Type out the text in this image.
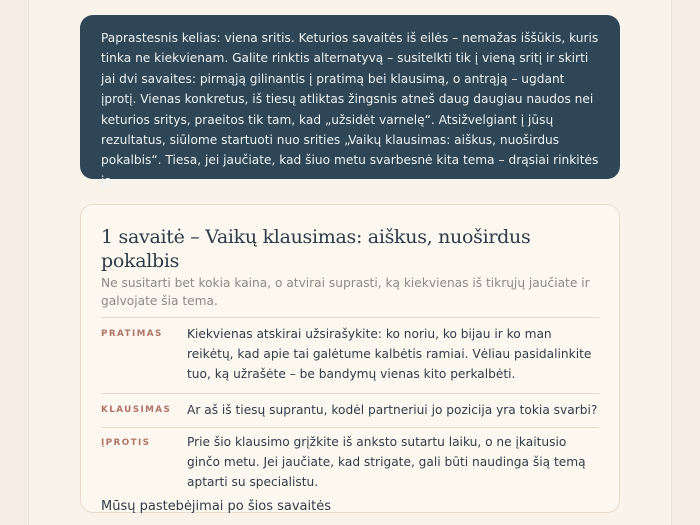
Paprastesnis kelias: viena sritis. Keturios savaitės iš eilės – nemažas iššūkis, kuris tinka ne kiekvienam. Galite rinktis alternatyvą – susitelkti tik į vieną sritį ir skirti jai dvi savaites: pirmąją gilinantis į pratimą bei klausimą, o antrąją – ugdant įprotį. Vienas konkretus, iš tiesų atliktas žingsnis atneš daug daugiau naudos nei keturios sritys, praeitos tik tam, kad „užsidėt varnelę“. Atsižvelgiant į jūsų rezultatus, siūlome startuoti nuo srities „Vaikų klausimas: aiškus, nuoširdus pokalbis“. Tiesa, jei jaučiate, kad šiuo metu svarbesnė kita tema – drąsiai rinkitės ją.

1 savaitė – Vaikų klausimas: aiškus, nuoširdus pokalbis

Ne susitarti bet kokia kaina, o atvirai suprasti, ką kiekvienas iš tikrųjų jaučiate ir galvojate šia tema.

PRATIMAS	Kiekvienas atskirai užsirašykite: ko noriu, ko bijau ir ko man reikėtų, kad apie tai galėtume kalbėtis ramiai. Vėliau pasidalinkite tuo, ką užrašėte – be bandymų vienas kito perkalbėti.
KLAUSIMAS	Ar aš iš tiesų suprantu, kodėl partneriui jo pozicija yra tokia svarbi?
ĮPROTIS	Prie šio klausimo grįžkite iš anksto sutartu laiku, o ne įkaitusio ginčo metu. Jei jaučiate, kad strigate, gali būti naudinga šią temą aptarti su specialistu.

Mūsų pastebėjimai po šios savaitės
